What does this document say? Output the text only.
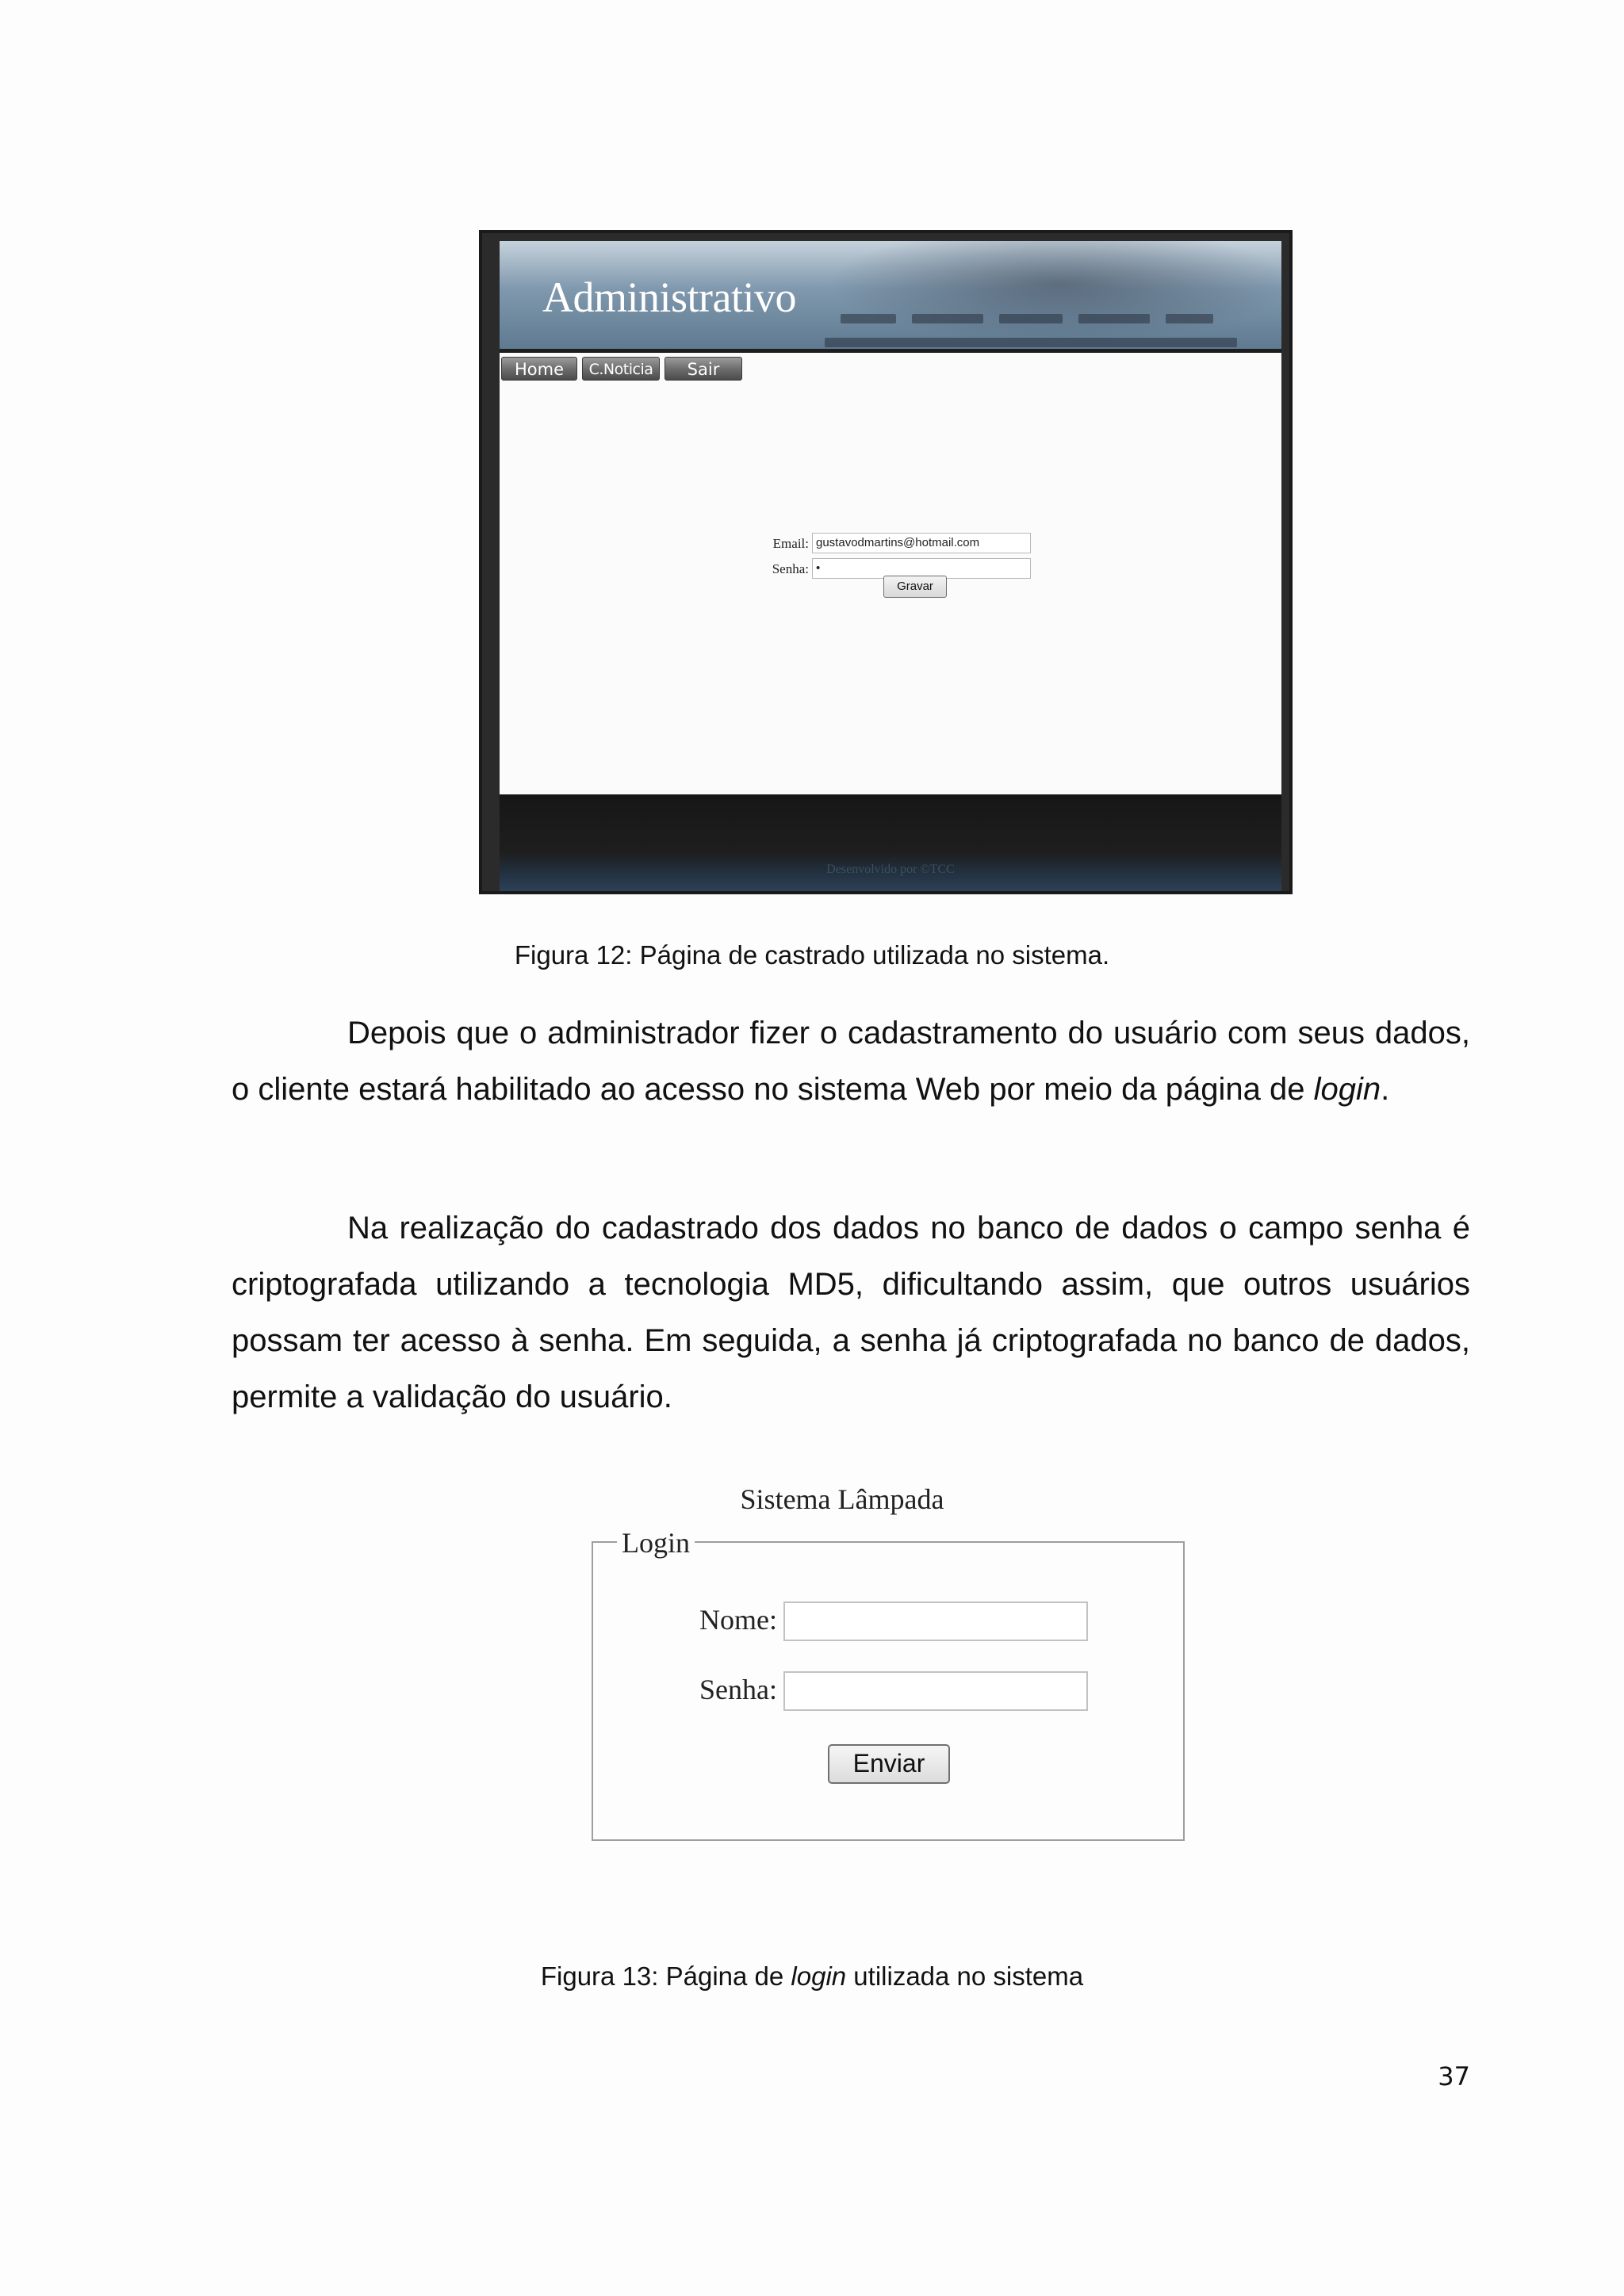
Administrativo
Home	C.Noticia	Sair
Email: gustavodmartins@hotmail.com
Senha: •
Gravar
Desenvolvido por ©TCC
Figura 12: Página de castrado utilizada no sistema.
Depois que o administrador fizer o cadastramento do usuário com seus dados, o cliente estará habilitado ao acesso no sistema Web por meio da página de login.
Na realização do cadastrado dos dados no banco de dados o campo senha é criptografada utilizando a tecnologia MD5, dificultando assim, que outros usuários possam ter acesso à senha. Em seguida, a senha já criptografada no banco de dados, permite a validação do usuário.
Sistema Lâmpada
Login
Nome:
Senha:
Enviar
Figura 13: Página de login utilizada no sistema
37
